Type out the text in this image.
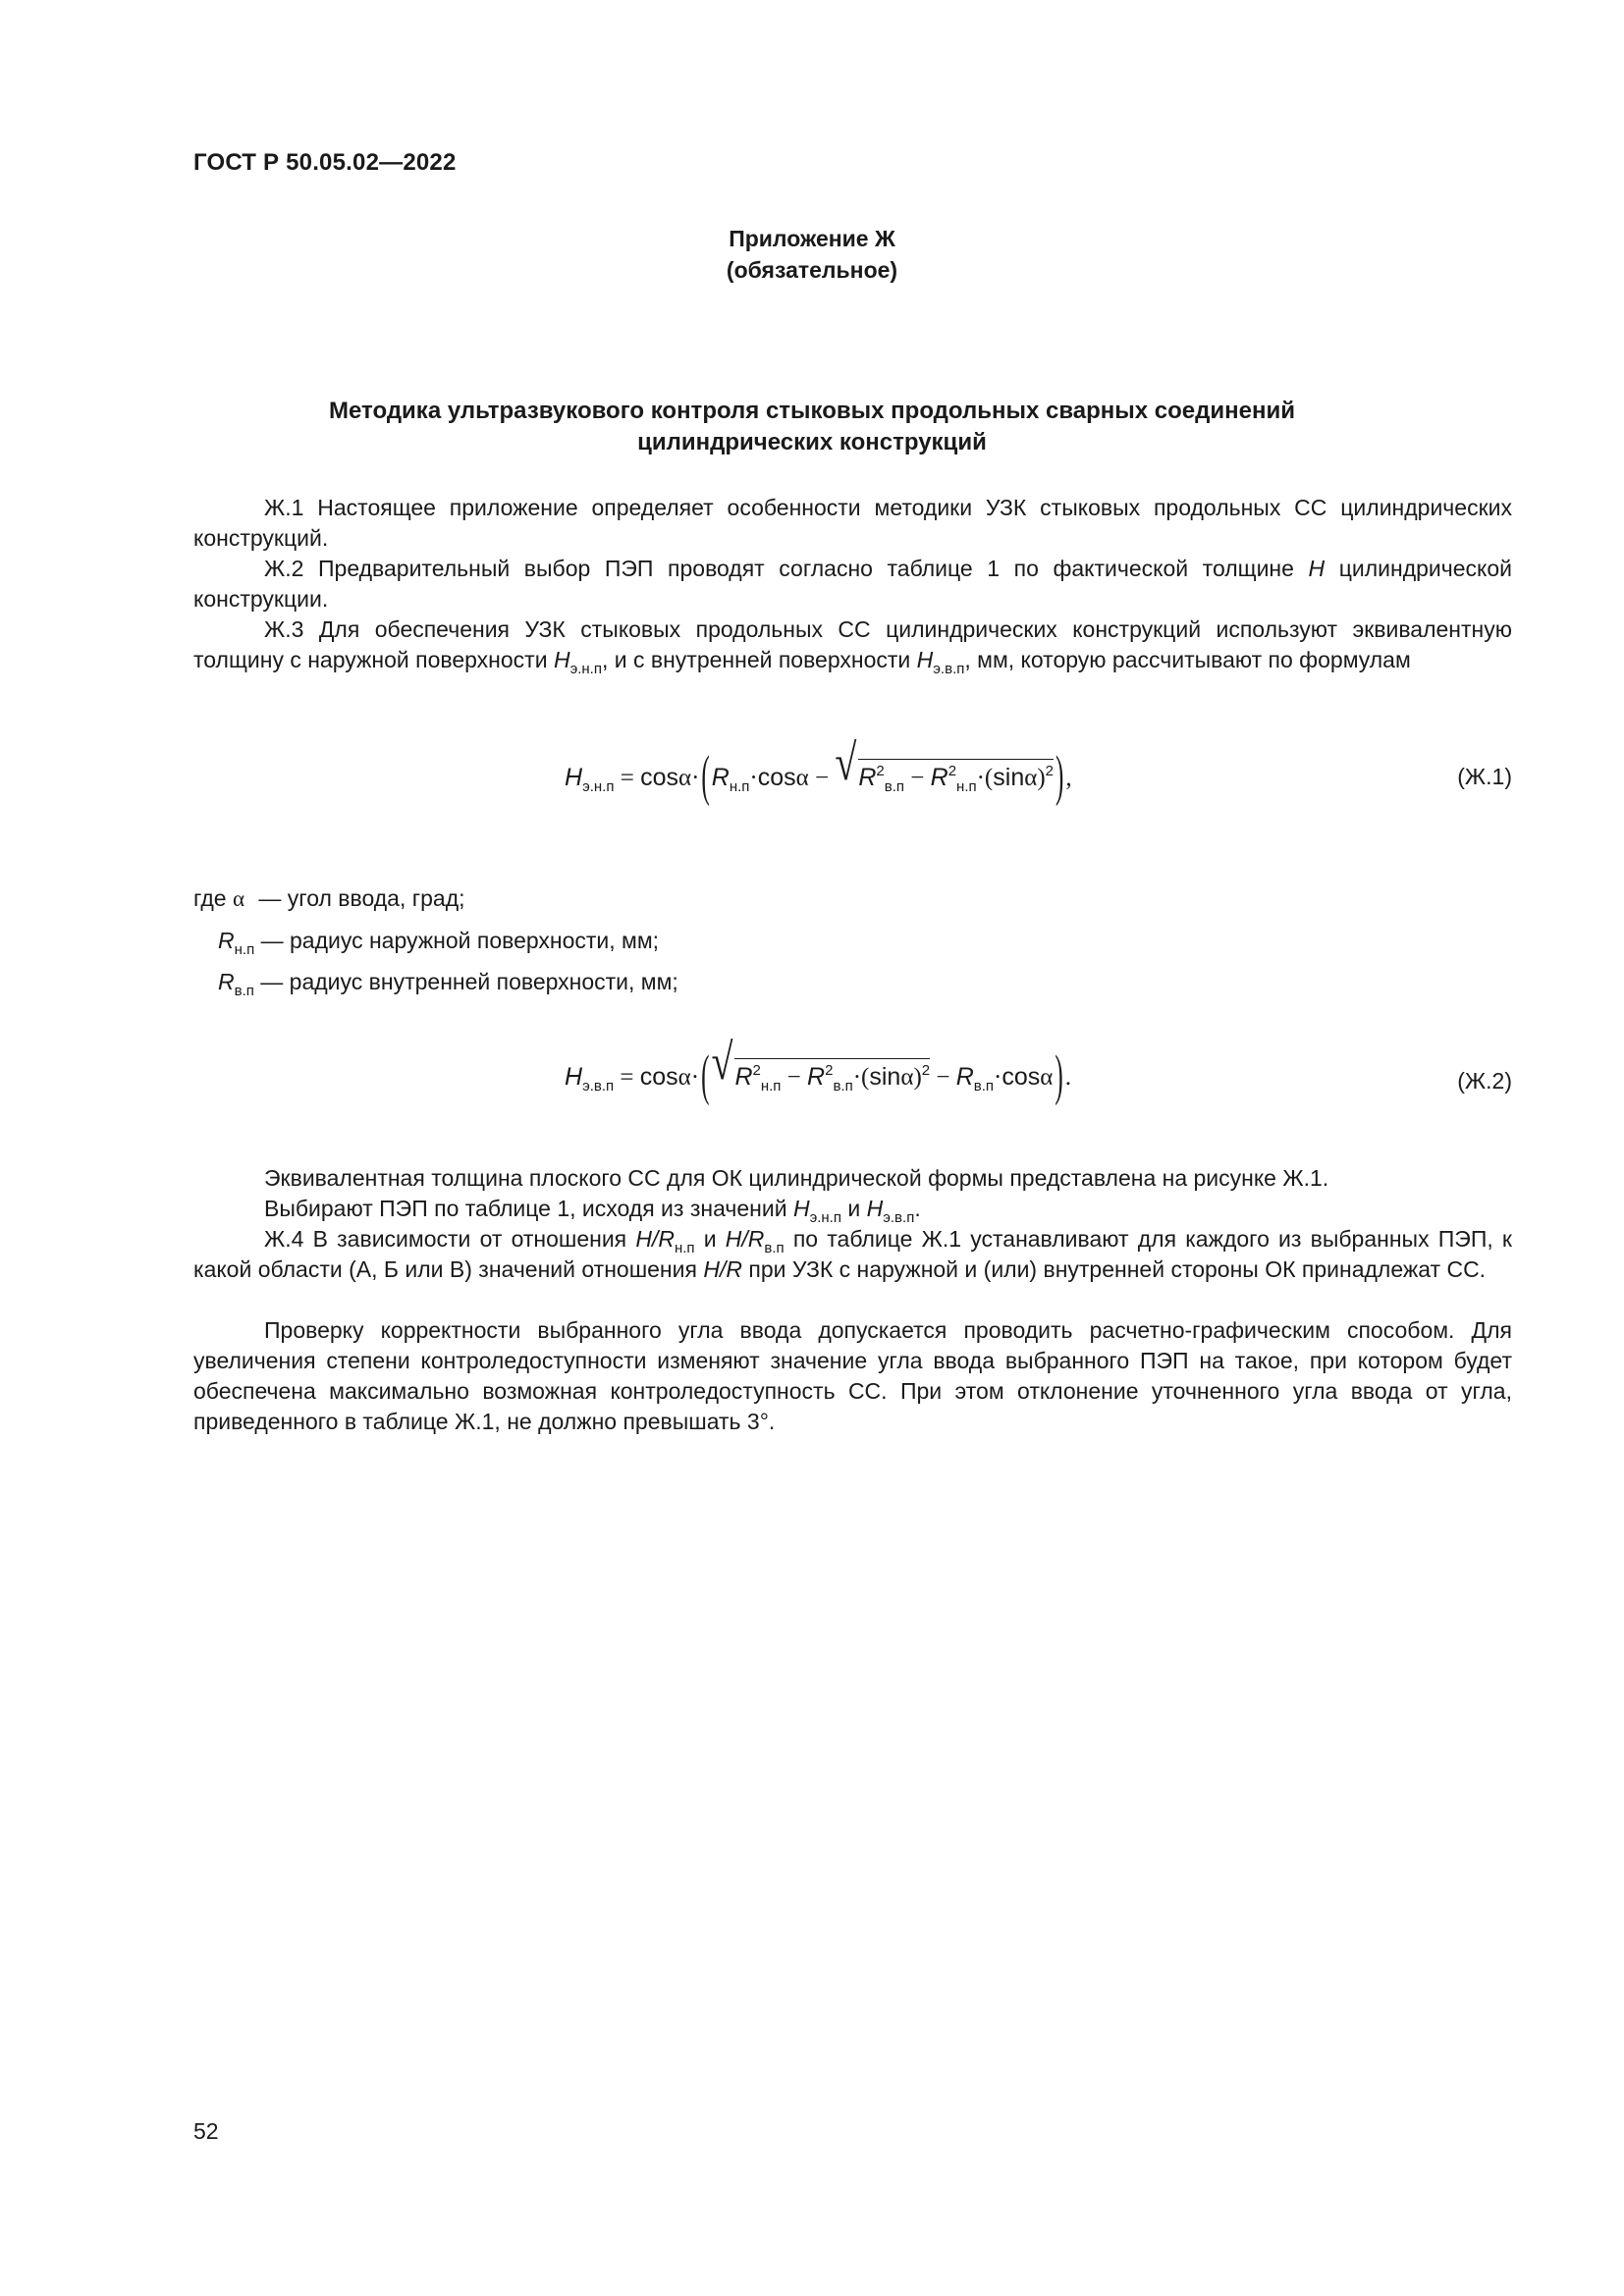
ГОСТ Р 50.05.02—2022
Приложение Ж
(обязательное)
Методика ультразвукового контроля стыковых продольных сварных соединений
цилиндрических конструкций
Ж.1 Настоящее приложение определяет особенности методики УЗК стыковых продольных СС цилиндрических конструкций.
Ж.2 Предварительный выбор ПЭП проводят согласно таблице 1 по фактической толщине H цилиндрической конструкции.
Ж.3 Для обеспечения УЗК стыковых продольных СС цилиндрических конструкций используют эквивалентную толщину с наружной поверхности $H_{э.н.п}$, и с внутренней поверхности $H_{э.в.п}$, мм, которую рассчитывают по формулам
$H_{э.н.п} = \cos\alpha\cdot(R_{н.п}\cdot\cos\alpha$ − √ $R^2_{в.п} - R^2_{н.п}\cdot(\sin\alpha)^2$),	(Ж.1)
где α — угол ввода, град;
$R_{н.п}$ — радиус наружной поверхности, мм;
$R_{в.п}$ — радиус внутренней поверхности, мм;
$H_{э.в.п} = \cos\alpha\cdot$( √ $R^2_{н.п} - R^2_{в.п}\cdot(\sin\alpha)^2 - R_{в.п}\cdot\cos\alpha$).	(Ж.2)
Эквивалентная толщина плоского СС для ОК цилиндрической формы представлена на рисунке Ж.1.
Выбирают ПЭП по таблице 1, исходя из значений $H_{э.н.п}$ и $H_{э.в.п}$.
Ж.4 В зависимости от отношения $H/R_{н.п}$ и $H/R_{в.п}$ по таблице Ж.1 устанавливают для каждого из выбранных ПЭП, к какой области (А, Б или В) значений отношения H/R при УЗК с наружной и (или) внутренней стороны ОК принадлежат СС.
Проверку корректности выбранного угла ввода допускается проводить расчетно-графическим способом. Для увеличения степени контроледоступности изменяют значение угла ввода выбранного ПЭП на такое, при котором будет обеспечена максимально возможная контроледоступность СС. При этом отклонение уточненного угла ввода от угла, приведенного в таблице Ж.1, не должно превышать 3°.
52
